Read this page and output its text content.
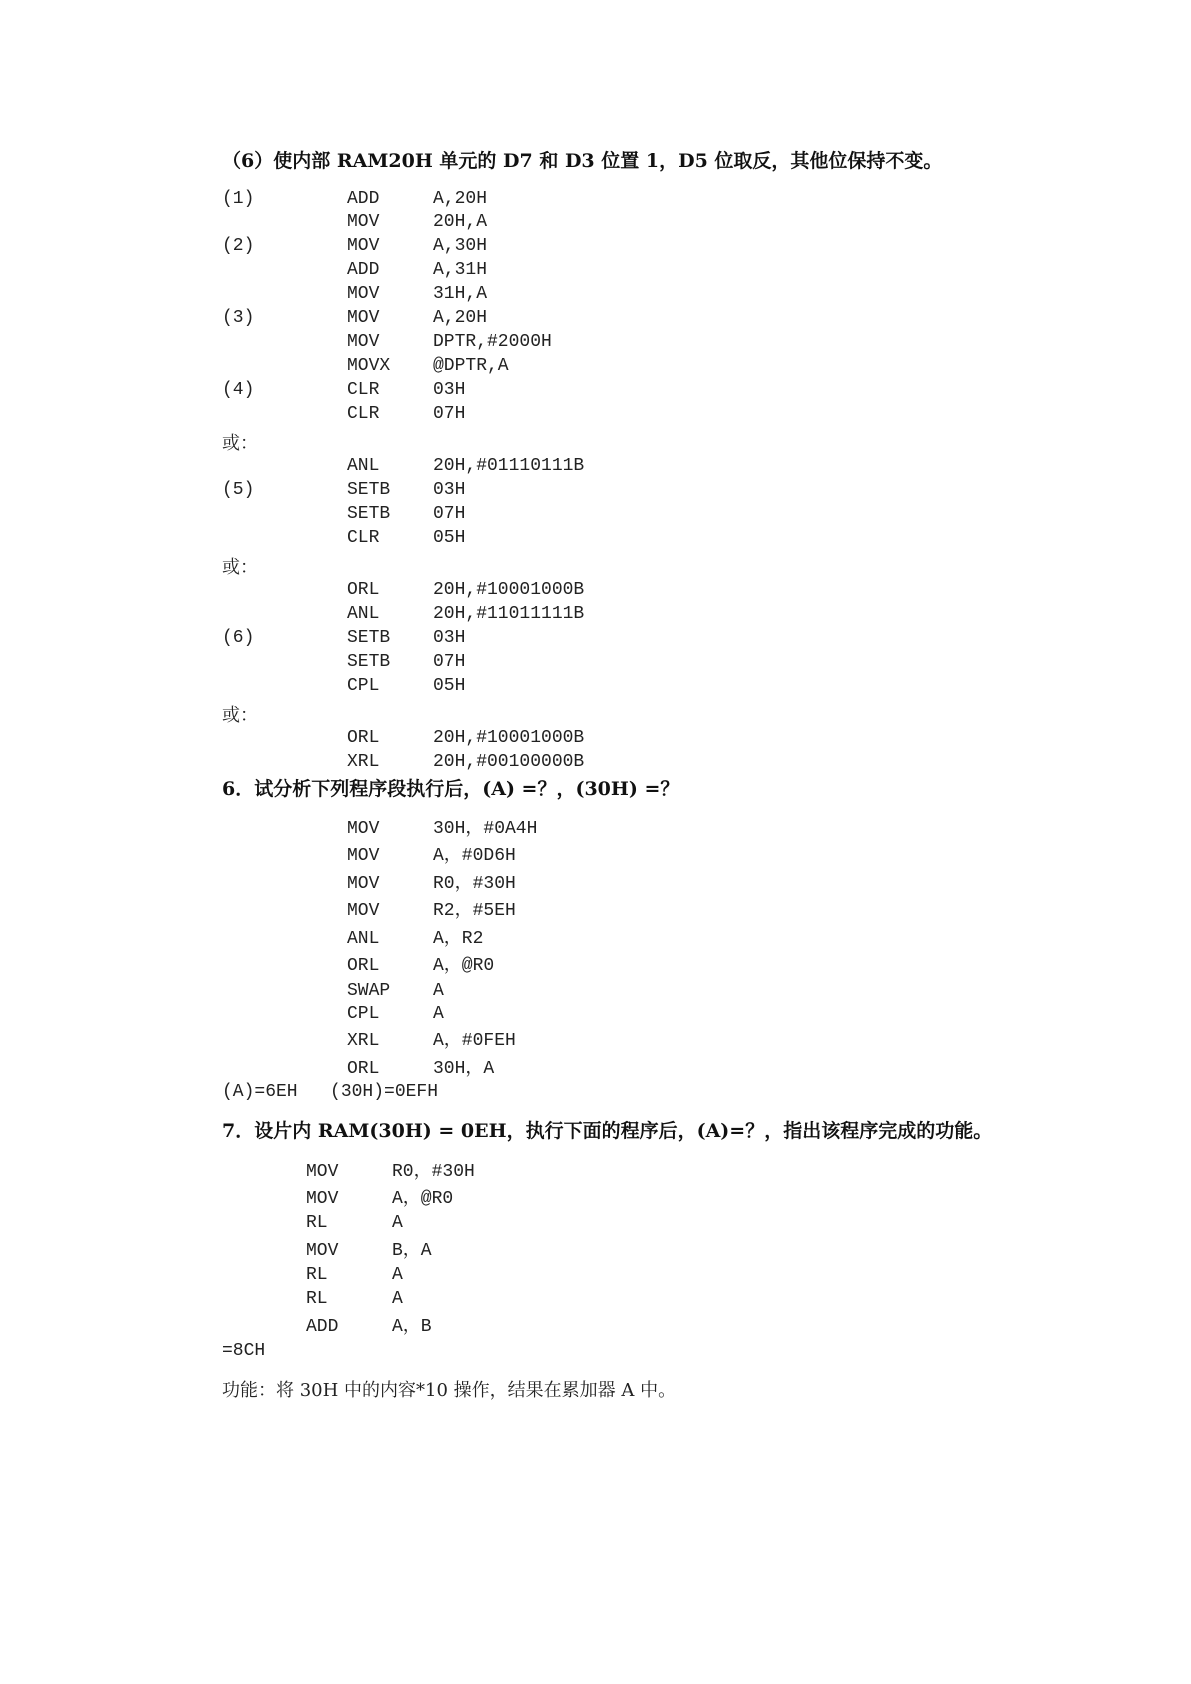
（6）使内部 RAM20H 单元的 D7 和 D3 位置 1，D5 位取反，其他位保持不变。
(1)	ADD	A,20H
MOV	20H,A
(2)	MOV	A,30H
ADD	A,31H
MOV	31H,A
(3)	MOV	A,20H
MOV	DPTR,#2000H
MOVX @DPTR,A
(4)	CLR	03H
CLR	07H
或：
ANL	20H,#01110111B
(5)	SETB 03H
SETB 07H
CLR	05H
或：
ORL	20H,#10001000B
ANL	20H,#11011111B
(6)	SETB 03H
SETB 07H
CPL	05H
或：
ORL	20H,#10001000B
XRL	20H,#00100000B
6．试分析下列程序段执行后，(A) =？，(30H) =？
MOV	30H，#0A4H
MOV	A，#0D6H
MOV	R0，#30H
MOV	R2，#5EH
ANL	A，R2
ORL	A，@R0
SWAP A
CPL	A
XRL	A，#0FEH
ORL	30H，A
(A)=6EH   (30H)=0EFH
7．设片内 RAM(30H) = 0EH，执行下面的程序后，(A)=？，指出该程序完成的功能。
MOV	R0，#30H
MOV	A，@R0
RL	A
MOV	B，A
RL	A
RL	A
ADD	A，B
=8CH
功能：将 30H 中的内容*10 操作，结果在累加器 A 中。
